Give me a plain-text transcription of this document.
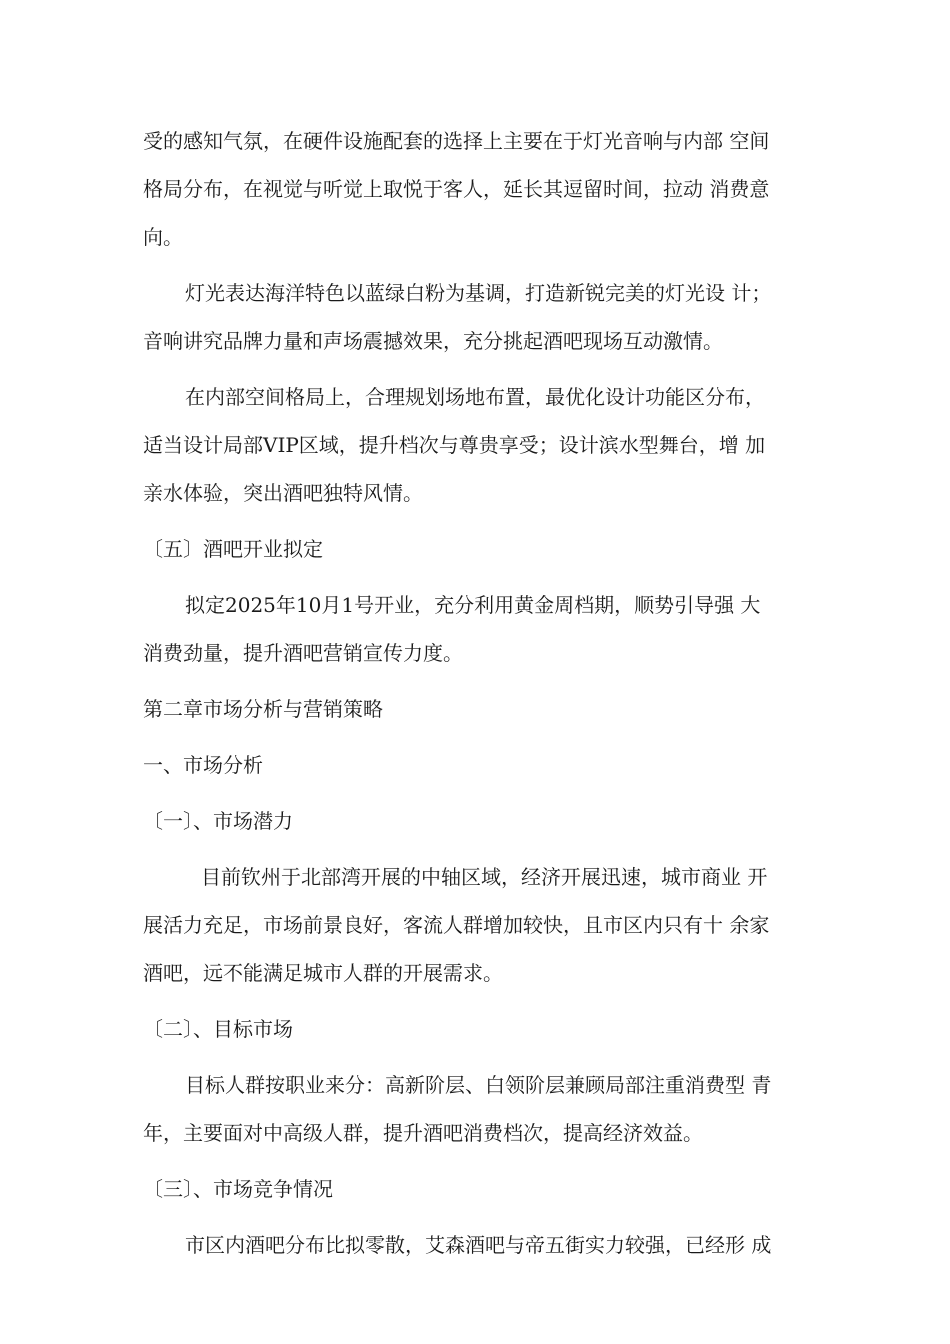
受的感知气氛，在硬件设施配套的选择上主要在于灯光音响与内部 空间
格局分布，在视觉与听觉上取悦于客人，延长其逗留时间，拉动 消费意
向。
灯光表达海洋特色以蓝绿白粉为基调，打造新锐完美的灯光设 计；
音响讲究品牌力量和声场震撼效果，充分挑起酒吧现场互动激情。
在内部空间格局上，合理规划场地布置，最优化设计功能区分布，
适当设计局部VIP区域，提升档次与尊贵享受；设计滨水型舞台，增 加
亲水体验，突出酒吧独特风情。
〔五〕酒吧开业拟定
拟定2025年10月1号开业，充分利用黄金周档期，顺势引导强 大
消费劲量，提升酒吧营销宣传力度。
第二章市场分析与营销策略
一、市场分析
〔一〕、市场潜力
目前钦州于北部湾开展的中轴区域，经济开展迅速，城市商业 开
展活力充足，市场前景良好，客流人群增加较快，且市区内只有十 余家
酒吧，远不能满足城市人群的开展需求。
〔二〕、目标市场
目标人群按职业来分：高新阶层、白领阶层兼顾局部注重消费型 青
年，主要面对中高级人群，提升酒吧消费档次，提高经济效益。
〔三〕、市场竞争情况
市区内酒吧分布比拟零散，艾森酒吧与帝五街实力较强，已经形 成
